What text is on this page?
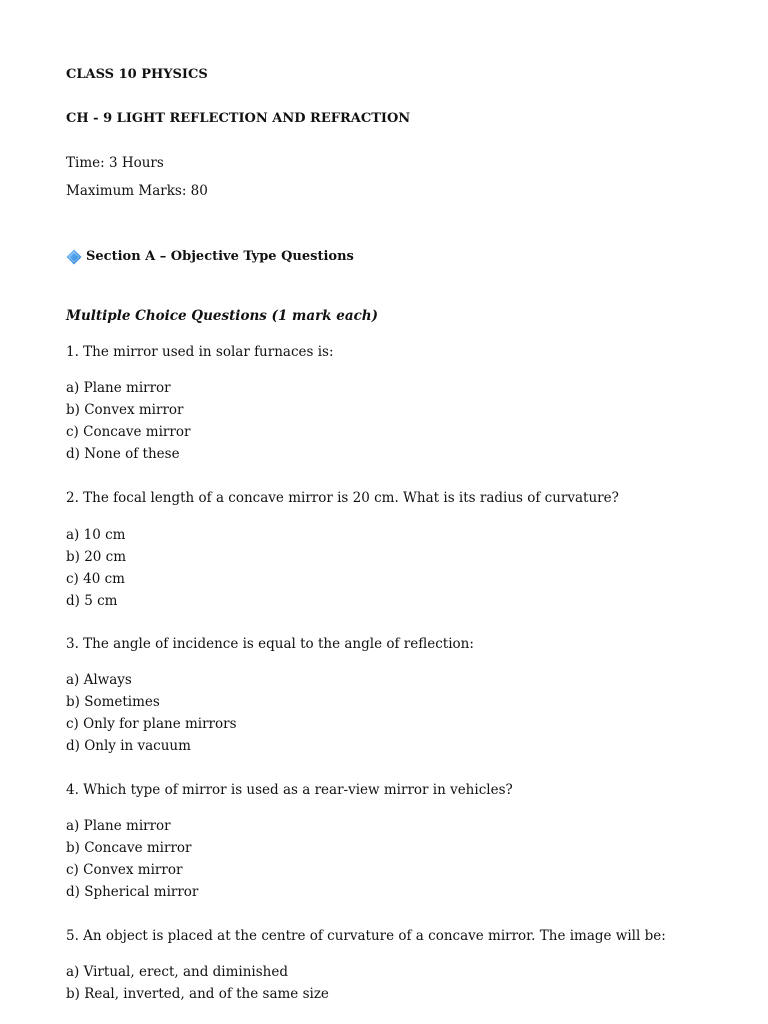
CLASS 10 PHYSICS
CH - 9 LIGHT REFLECTION AND REFRACTION
Time: 3 Hours
Maximum Marks: 80
Section A – Objective Type Questions
Multiple Choice Questions (1 mark each)
1. The mirror used in solar furnaces is:
a) Plane mirror
b) Convex mirror
c) Concave mirror
d) None of these
2. The focal length of a concave mirror is 20 cm. What is its radius of curvature?
a) 10 cm
b) 20 cm
c) 40 cm
d) 5 cm
3. The angle of incidence is equal to the angle of reflection:
a) Always
b) Sometimes
c) Only for plane mirrors
d) Only in vacuum
4. Which type of mirror is used as a rear-view mirror in vehicles?
a) Plane mirror
b) Concave mirror
c) Convex mirror
d) Spherical mirror
5. An object is placed at the centre of curvature of a concave mirror. The image will be:
a) Virtual, erect, and diminished
b) Real, inverted, and of the same size
